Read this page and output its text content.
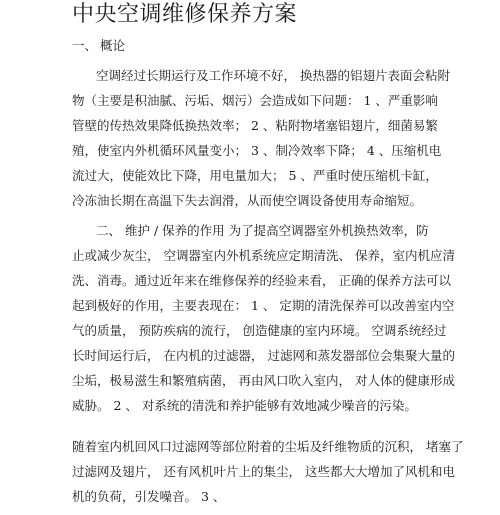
中央空调维修保养方案
一、 概论
空调经过长期运行及工作环境不好， 换热器的铝翅片表面会粘附
物（主要是积油腻、污垢、烟污）会造成如下问题： 1 、严重影响
管壁的传热效果降低换热效率； 2 、粘附物堵塞铝翅片，细菌易繁
殖，使室内外机循环风量变小； 3 、制冷效率下降； 4 、压缩机电
流过大，使能效比下降，用电量加大； 5 、严重时使压缩机卡缸，
冷冻油长期在高温下失去润滑，从而使空调设备使用寿命缩短。
二、 维护 / 保养的作用 为了提高空调器室外机换热效率，防
止或减少灰尘， 空调器室内外机系统应定期清洗、 保养，室内机应清
洗、消毒。通过近年来在维修保养的经验来看， 正确的保养方法可以
起到极好的作用，主要表现在： 1 、 定期的清洗保养可以改善室内空
气的质量， 预防疾病的流行， 创造健康的室内环境。 空调系统经过
长时间运行后， 在内机的过滤器， 过滤网和蒸发器部位会集聚大量的
尘垢，极易滋生和繁殖病菌， 再由风口吹入室内， 对人体的健康形成
威胁。 2 、 对系统的清洗和养护能够有效地减少噪音的污染。
随着室内机回风口过滤网等部位附着的尘垢及纤维物质的沉积， 堵塞了
过滤网及翅片， 还有风机叶片上的集尘， 这些都大大增加了风机和电
机的负荷，引发噪音。 3 、
